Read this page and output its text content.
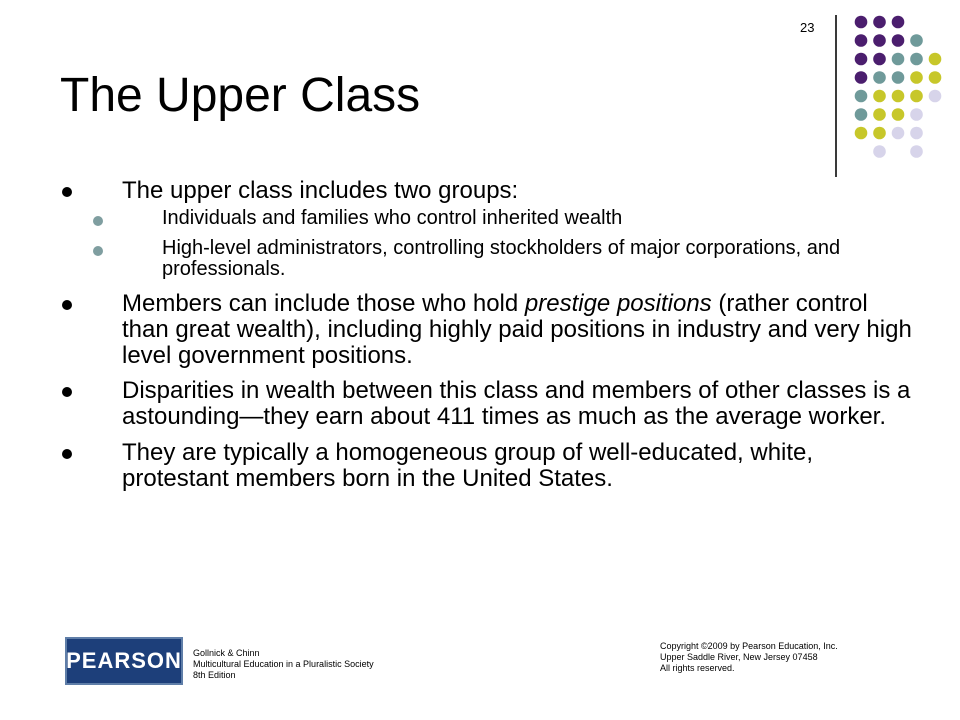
23
The Upper Class
The upper class includes two groups:
Individuals and families who control inherited wealth
High-level administrators, controlling stockholders of major corporations, and professionals.
Members can include those who hold prestige positions (rather control than great wealth), including highly paid positions in industry and very high level government positions.
Disparities in wealth between this class and members of other classes is a astounding—they earn about 411 times as much as the average worker.
They are typically a homogeneous group of well-educated, white, protestant members born in the United States.
PEARSON Gollnick & Chinn
Multicultural Education in a Pluralistic Society
8th Edition
Copyright ©2009 by Pearson Education, Inc.
Upper Saddle River, New Jersey 07458
All rights reserved.
